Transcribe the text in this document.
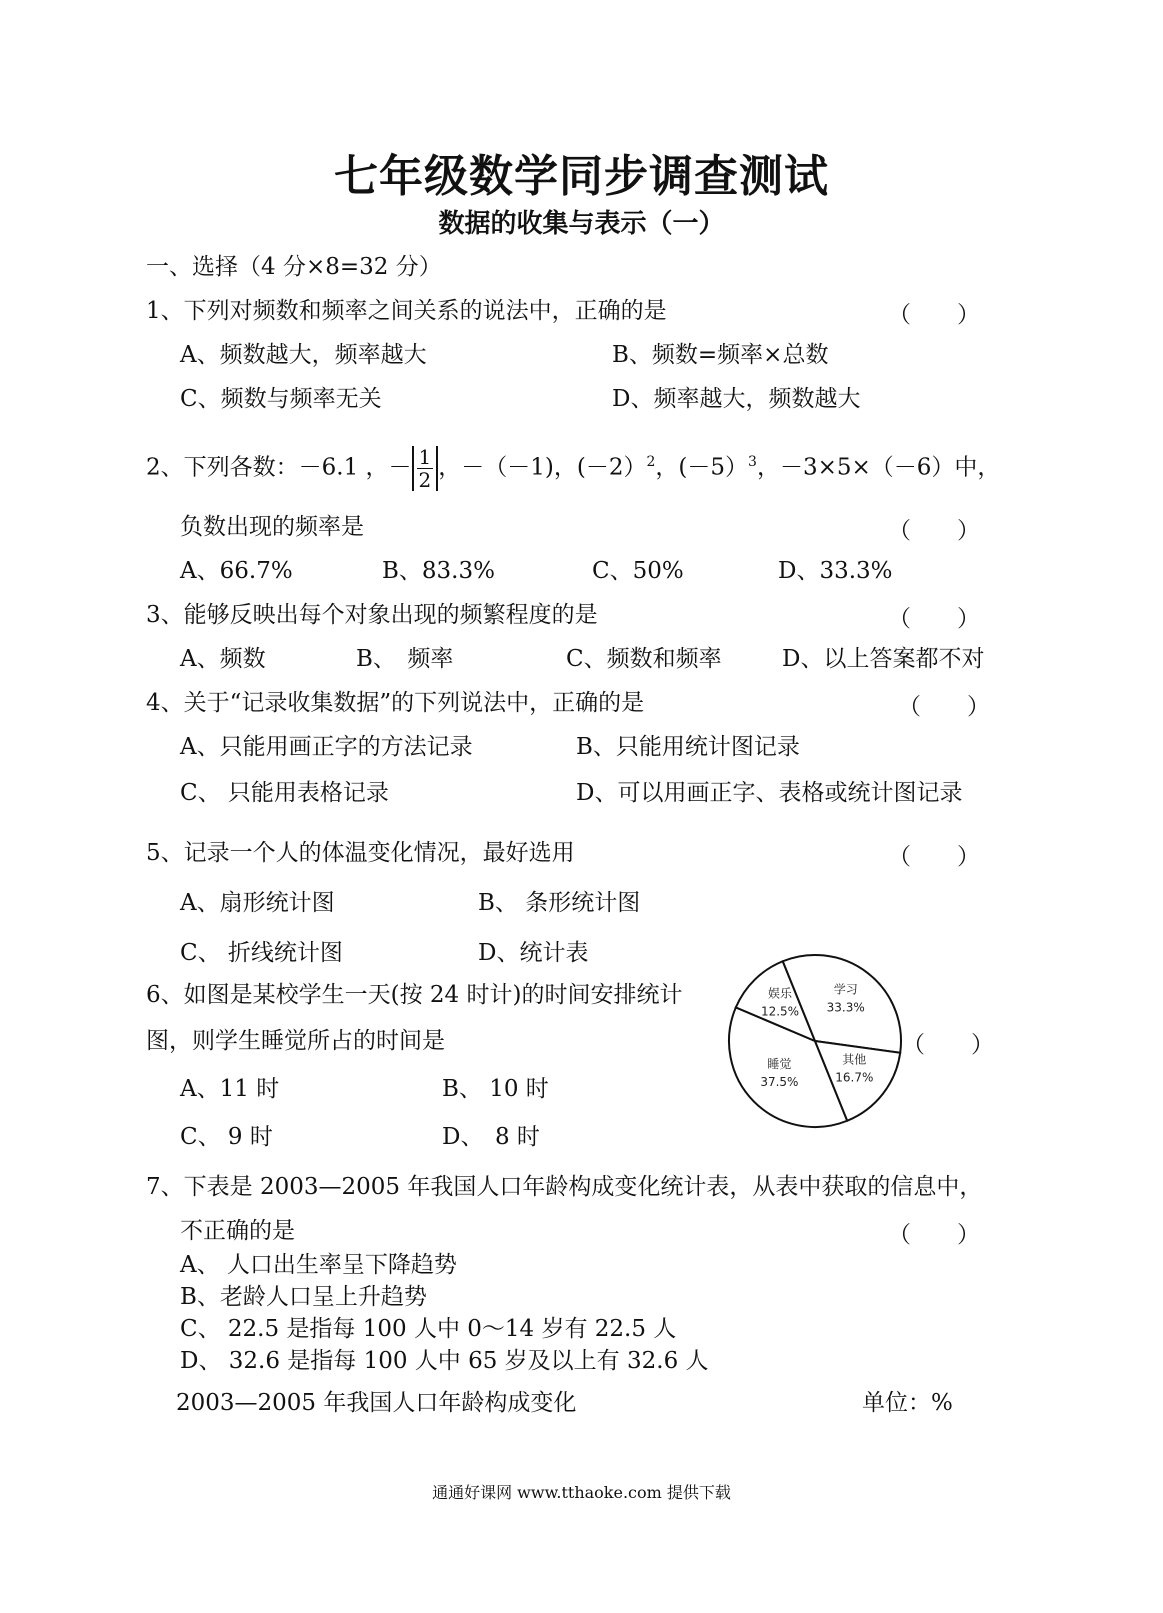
七年级数学同步调查测试
数据的收集与表示（一）
一、选择（4 分×8=32 分）
1、下列对频数和频率之间关系的说法中，正确的是	（　　）
A、频数越大，频率越大	B、频数=频率×总数
C、频数与频率无关	D、频率越大，频数越大
2、下列各数：－6.1 ，－ $\frac{1}{2}$ ，－（－1)，(－2）$^2$，(－5）$^3$，－3×5×（－6）中，
负数出现的频率是	（　　）
A、66.7%	B、83.3%	C、50%	D、33.3%
3、能够反映出每个对象出现的频繁程度的是	（　　）
A、频数	B、　频率	C、频数和频率	D、以上答案都不对
4、关于“记录收集数据”的下列说法中，正确的是	（　　）
A、只能用画正字的方法记录	B、只能用统计图记录
C、 只能用表格记录	D、可以用画正字、表格或统计图记录
5、记录一个人的体温变化情况，最好选用	（　　）
A、扇形统计图	B、 条形统计图
C、 折线统计图	D、统计表
6、如图是某校学生一天(按 24 时计)的时间安排统计
图，则学生睡觉所占的时间是	（　　）
A、11 时	B、 10 时
C、 9 时	D、　8 时
睡觉
37.5%
娱乐
12.5%
学习
33.3%
其他
16.7%
7、下表是 2003—2005 年我国人口年龄构成变化统计表，从表中获取的信息中，
不正确的是	（　　）
A、 人口出生率呈下降趋势
B、老龄人口呈上升趋势
C、 22.5 是指每 100 人中 0～14 岁有 22.5 人
D、 32.6 是指每 100 人中 65 岁及以上有 32.6 人
2003—2005 年我国人口年龄构成变化	单位：%
通通好课网 www.tthaoke.com 提供下载
